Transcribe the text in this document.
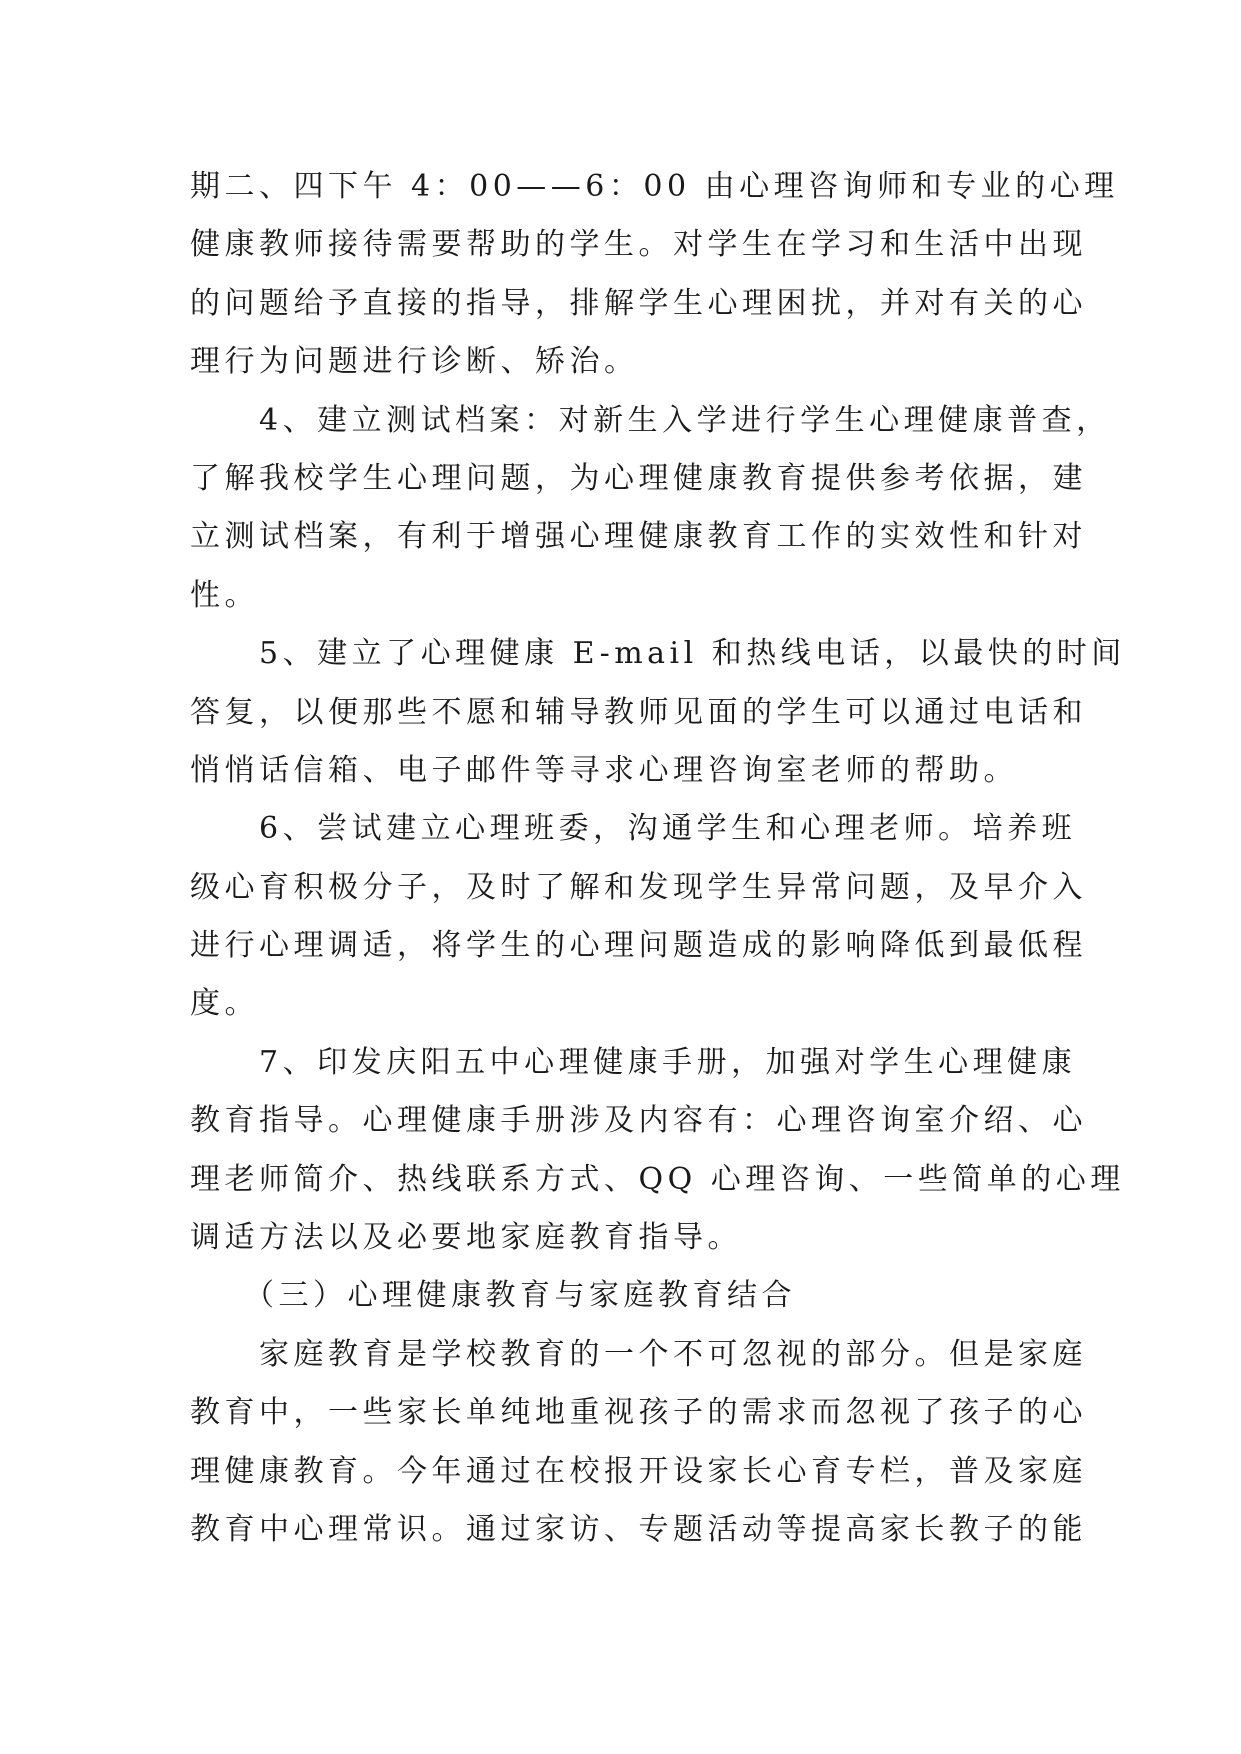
期二、四下午 4：00——6：00 由心理咨询师和专业的心理
健康教师接待需要帮助的学生。对学生在学习和生活中出现
的问题给予直接的指导，排解学生心理困扰，并对有关的心
理行为问题进行诊断、矫治。
　　4、建立测试档案：对新生入学进行学生心理健康普查，
了解我校学生心理问题，为心理健康教育提供参考依据，建
立测试档案，有利于增强心理健康教育工作的实效性和针对
性。
　　5、建立了心理健康 E-mail 和热线电话，以最快的时间
答复，以便那些不愿和辅导教师见面的学生可以通过电话和
悄悄话信箱、电子邮件等寻求心理咨询室老师的帮助。
　　6、尝试建立心理班委，沟通学生和心理老师。培养班
级心育积极分子，及时了解和发现学生异常问题，及早介入
进行心理调适，将学生的心理问题造成的影响降低到最低程
度。
　　7、印发庆阳五中心理健康手册，加强对学生心理健康
教育指导。心理健康手册涉及内容有：心理咨询室介绍、心
理老师简介、热线联系方式、QQ 心理咨询、一些简单的心理
调适方法以及必要地家庭教育指导。
　　（三）心理健康教育与家庭教育结合
　　家庭教育是学校教育的一个不可忽视的部分。但是家庭
教育中，一些家长单纯地重视孩子的需求而忽视了孩子的心
理健康教育。今年通过在校报开设家长心育专栏，普及家庭
教育中心理常识。通过家访、专题活动等提高家长教子的能
